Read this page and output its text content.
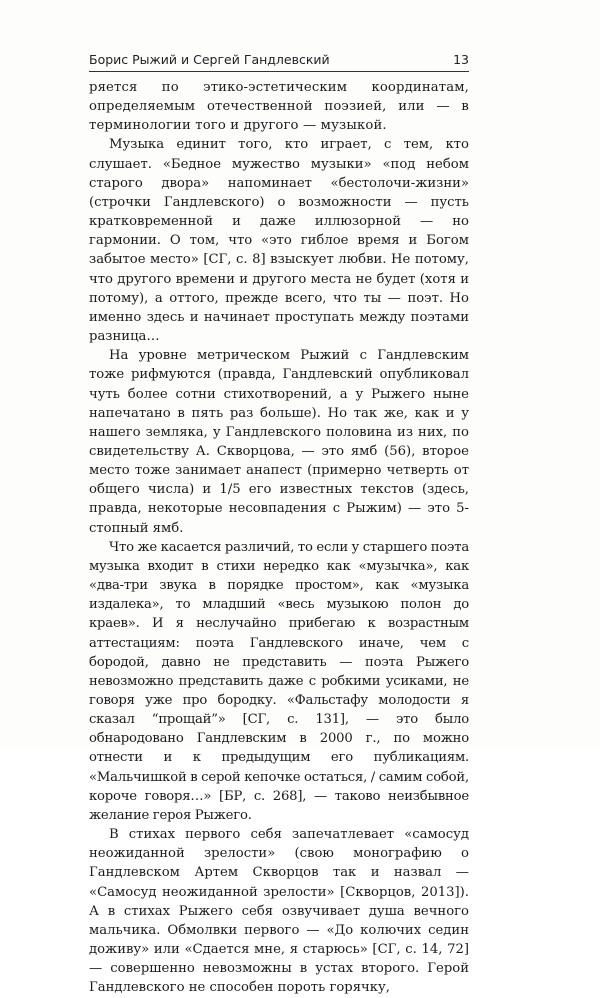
Борис Рыжий и Сергей Гандлевский	13

ряется по этико-эстетическим координатам, определяемым отечественной поэзией, или — в терминологии того и другого — музыкой.

Музыка единит того, кто играет, с тем, кто слушает. «Бедное мужество музыки» «под небом старого двора» напоминает «бестолочи-жизни» (строчки Гандлевского) о возможности — пусть кратковременной и даже иллюзорной — но гармонии. О том, что «это гиблое время и Богом забытое место» [СГ, с. 8] взыскует любви. Не потому, что другого времени и другого места не будет (хотя и потому), а оттого, прежде всего, что ты — поэт. Но именно здесь и начинает проступать между поэтами разница…

На уровне метрическом Рыжий с Гандлевским тоже рифмуются (правда, Гандлевский опубликовал чуть более сотни стихотворений, а у Рыжего ныне напечатано в пять раз больше). Но так же, как и у нашего земляка, у Гандлевского половина из них, по свидетельству А. Скворцова, — это ямб (56), второе место тоже занимает анапест (примерно четверть от общего числа) и 1/5 его известных текстов (здесь, правда, некоторые несовпадения с Рыжим) — это 5-стопный ямб.

Что же касается различий, то если у старшего поэта музыка входит в стихи нередко как «музычка», как «два-три звука в порядке простом», как «музыка издалека», то младший «весь музыкою полон до краев». И я неслучайно прибегаю к возрастным аттестациям: поэта Гандлевского иначе, чем с бородой, давно не представить — поэта Рыжего невозможно представить даже с робкими усиками, не говоря уже про бородку. «Фальстафу молодости я сказал “прощай”» [СГ, с. 131], — это было обнародовано Гандлевским в 2000 г., по можно отнести и к предыдущим его публикациям. «Мальчишкой в серой кепочке остаться, / самим собой, короче говоря…» [БР, с. 268], — таково неизбывное желание героя Рыжего.

В стихах первого себя запечатлевает «самосуд неожиданной зрелости» (свою монографию о Гандлевском Артем Скворцов так и назвал — «Самосуд неожиданной зрелости» [Скворцов, 2013]). А в стихах Рыжего себя озвучивает душа вечного мальчика. Обмолвки первого — «До колючих седин доживу» или «Сдается мне, я старюсь» [СГ, с. 14, 72] — совершенно невозможны в устах второго. Герой Гандлевского не способен пороть горячку,
